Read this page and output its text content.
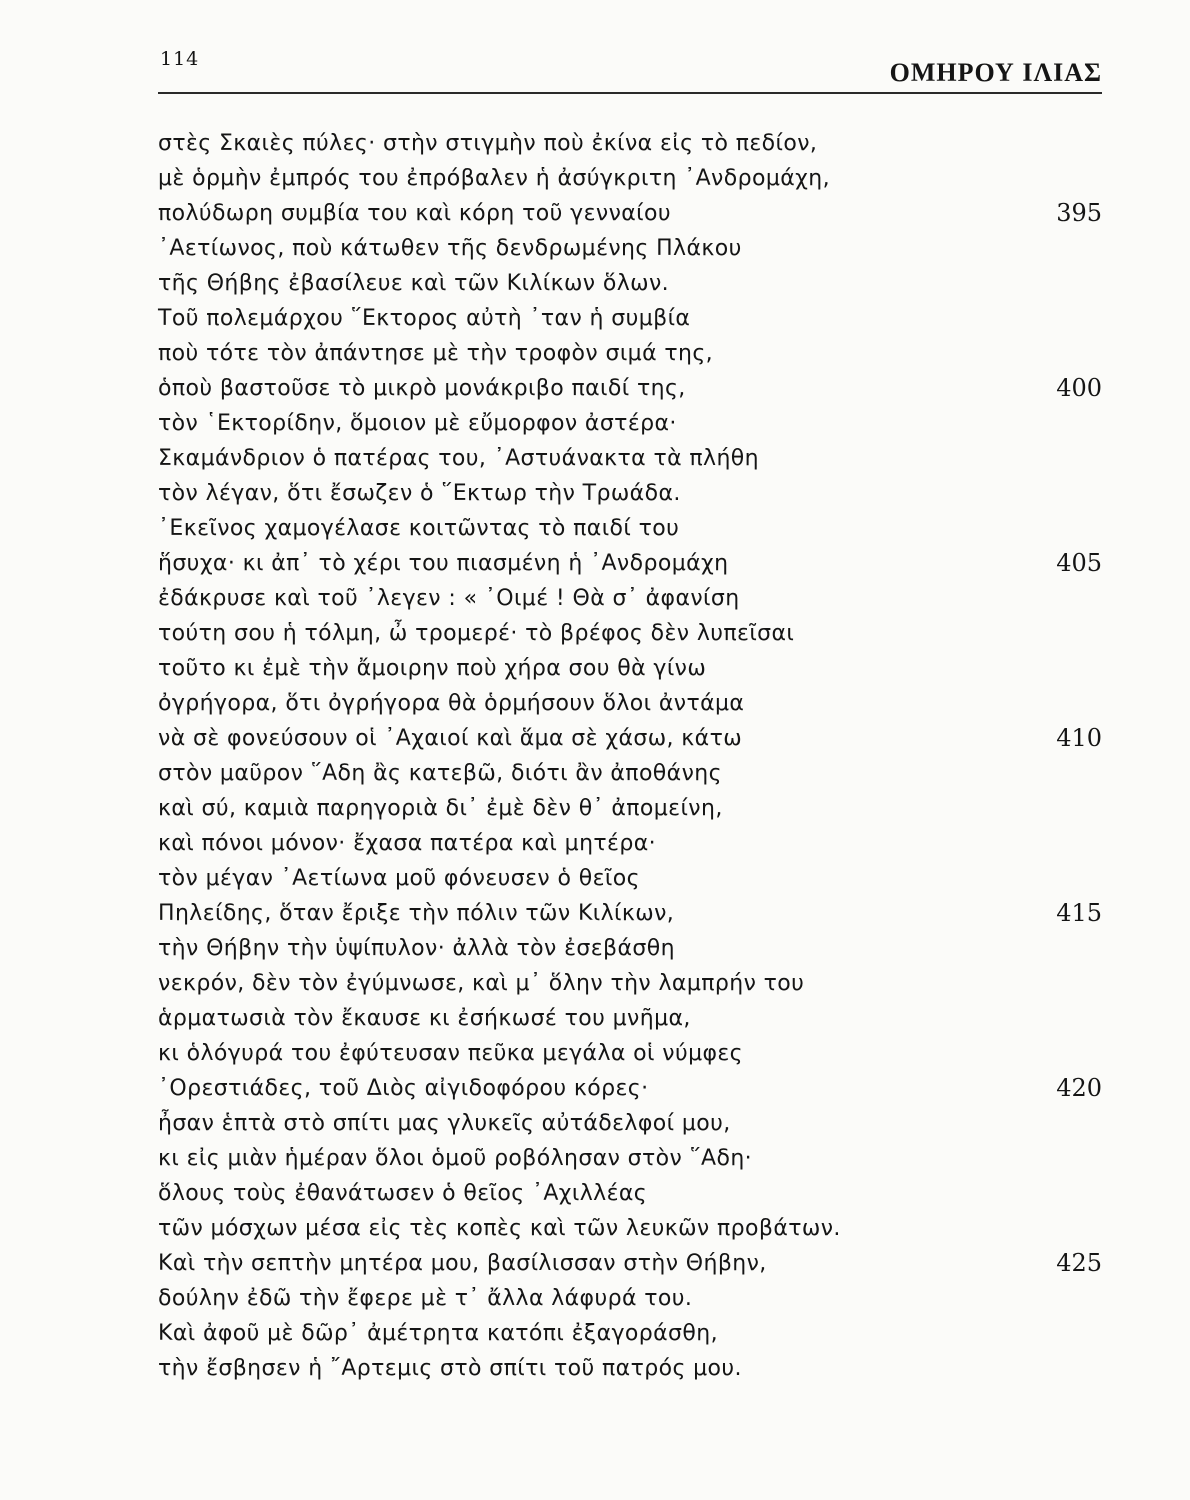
114	ΟΜΗΡΟΥ ΙΛΙΑΣ
στὲς Σκαιὲς πύλες· στὴν στιγμὴν ποὺ ἐκίνα εἰς τὸ πεδίον,
μὲ ὁρμὴν ἐμπρός του ἐπρόβαλεν ἡ ἀσύγκριτη ᾿Ανδρομάχη,
πολύδωρη συμβία του καὶ κόρη τοῦ γενναίου	395
᾿Αετίωνος, ποὺ κάτωθεν τῆς δενδρωμένης Πλάκου
τῆς Θήβης ἐβασίλευε καὶ τῶν Κιλίκων ὅλων.
Τοῦ πολεμάρχου ῞Εκτορος αὐτὴ ᾿ταν ἡ συμβία
ποὺ τότε τὸν ἀπάντησε μὲ τὴν τροφὸν σιμά της,
ὁποὺ βαστοῦσε τὸ μικρὸ μονάκριβο παιδί της,	400
τὸν ῾Εκτορίδην, ὅμοιον μὲ εὔμορφον ἀστέρα·
Σκαμάνδριον ὁ πατέρας του, ᾿Αστυάνακτα τὰ πλήθη
τὸν λέγαν, ὅτι ἔσωζεν ὁ ῞Εκτωρ τὴν Τρωάδα.
᾿Εκεῖνος χαμογέλασε κοιτῶντας τὸ παιδί του
ἥσυχα· κι ἀπ᾿ τὸ χέρι του πιασμένη ἡ ᾿Ανδρομάχη	405
ἐδάκρυσε καὶ τοῦ ᾿λεγεν : « ᾿Οιμέ ! Θὰ σ᾿ ἀφανίση
τούτη σου ἡ τόλμη, ὦ τρομερέ· τὸ βρέφος δὲν λυπεῖσαι
τοῦτο κι ἐμὲ τὴν ἄμοιρην ποὺ χήρα σου θὰ γίνω
ὀγρήγορα, ὅτι ὀγρήγορα θὰ ὁρμήσουν ὅλοι ἀντάμα
νὰ σὲ φονεύσουν οἱ ᾿Αχαιοί καὶ ἅμα σὲ χάσω, κάτω	410
στὸν μαῦρον ῞Αδη ἂς κατεβῶ, διότι ἂν ἀποθάνης
καὶ σύ, καμιὰ παρηγοριὰ δι᾿ ἐμὲ δὲν θ᾿ ἀπομείνη,
καὶ πόνοι μόνον· ἔχασα πατέρα καὶ μητέρα·
τὸν μέγαν ᾿Αετίωνα μοῦ φόνευσεν ὁ θεῖος
Πηλείδης, ὅταν ἔριξε τὴν πόλιν τῶν Κιλίκων,	415
τὴν Θήβην τὴν ὑψίπυλον· ἀλλὰ τὸν ἐσεβάσθη
νεκρόν, δὲν τὸν ἐγύμνωσε, καὶ μ᾿ ὅλην τὴν λαμπρήν του
ἁρματωσιὰ τὸν ἔκαυσε κι ἐσήκωσέ του μνῆμα,
κι ὁλόγυρά του ἐφύτευσαν πεῦκα μεγάλα οἱ νύμφες
᾿Ορεστιάδες, τοῦ Διὸς αἰγιδοφόρου κόρες·	420
ἦσαν ἑπτὰ στὸ σπίτι μας γλυκεῖς αὐτάδελφοί μου,
κι εἰς μιὰν ἡμέραν ὅλοι ὁμοῦ ροβόλησαν στὸν ῞Αδη·
ὅλους τοὺς ἐθανάτωσεν ὁ θεῖος ᾿Αχιλλέας
τῶν μόσχων μέσα εἰς τὲς κοπὲς καὶ τῶν λευκῶν προβάτων.
Καὶ τὴν σεπτὴν μητέρα μου, βασίλισσαν στὴν Θήβην,	425
δούλην ἐδῶ τὴν ἔφερε μὲ τ᾿ ἄλλα λάφυρά του.
Καὶ ἀφοῦ μὲ δῶρ᾿ ἀμέτρητα κατόπι ἐξαγοράσθη,
τὴν ἔσβησεν ἡ ῎Αρτεμις στὸ σπίτι τοῦ πατρός μου.
